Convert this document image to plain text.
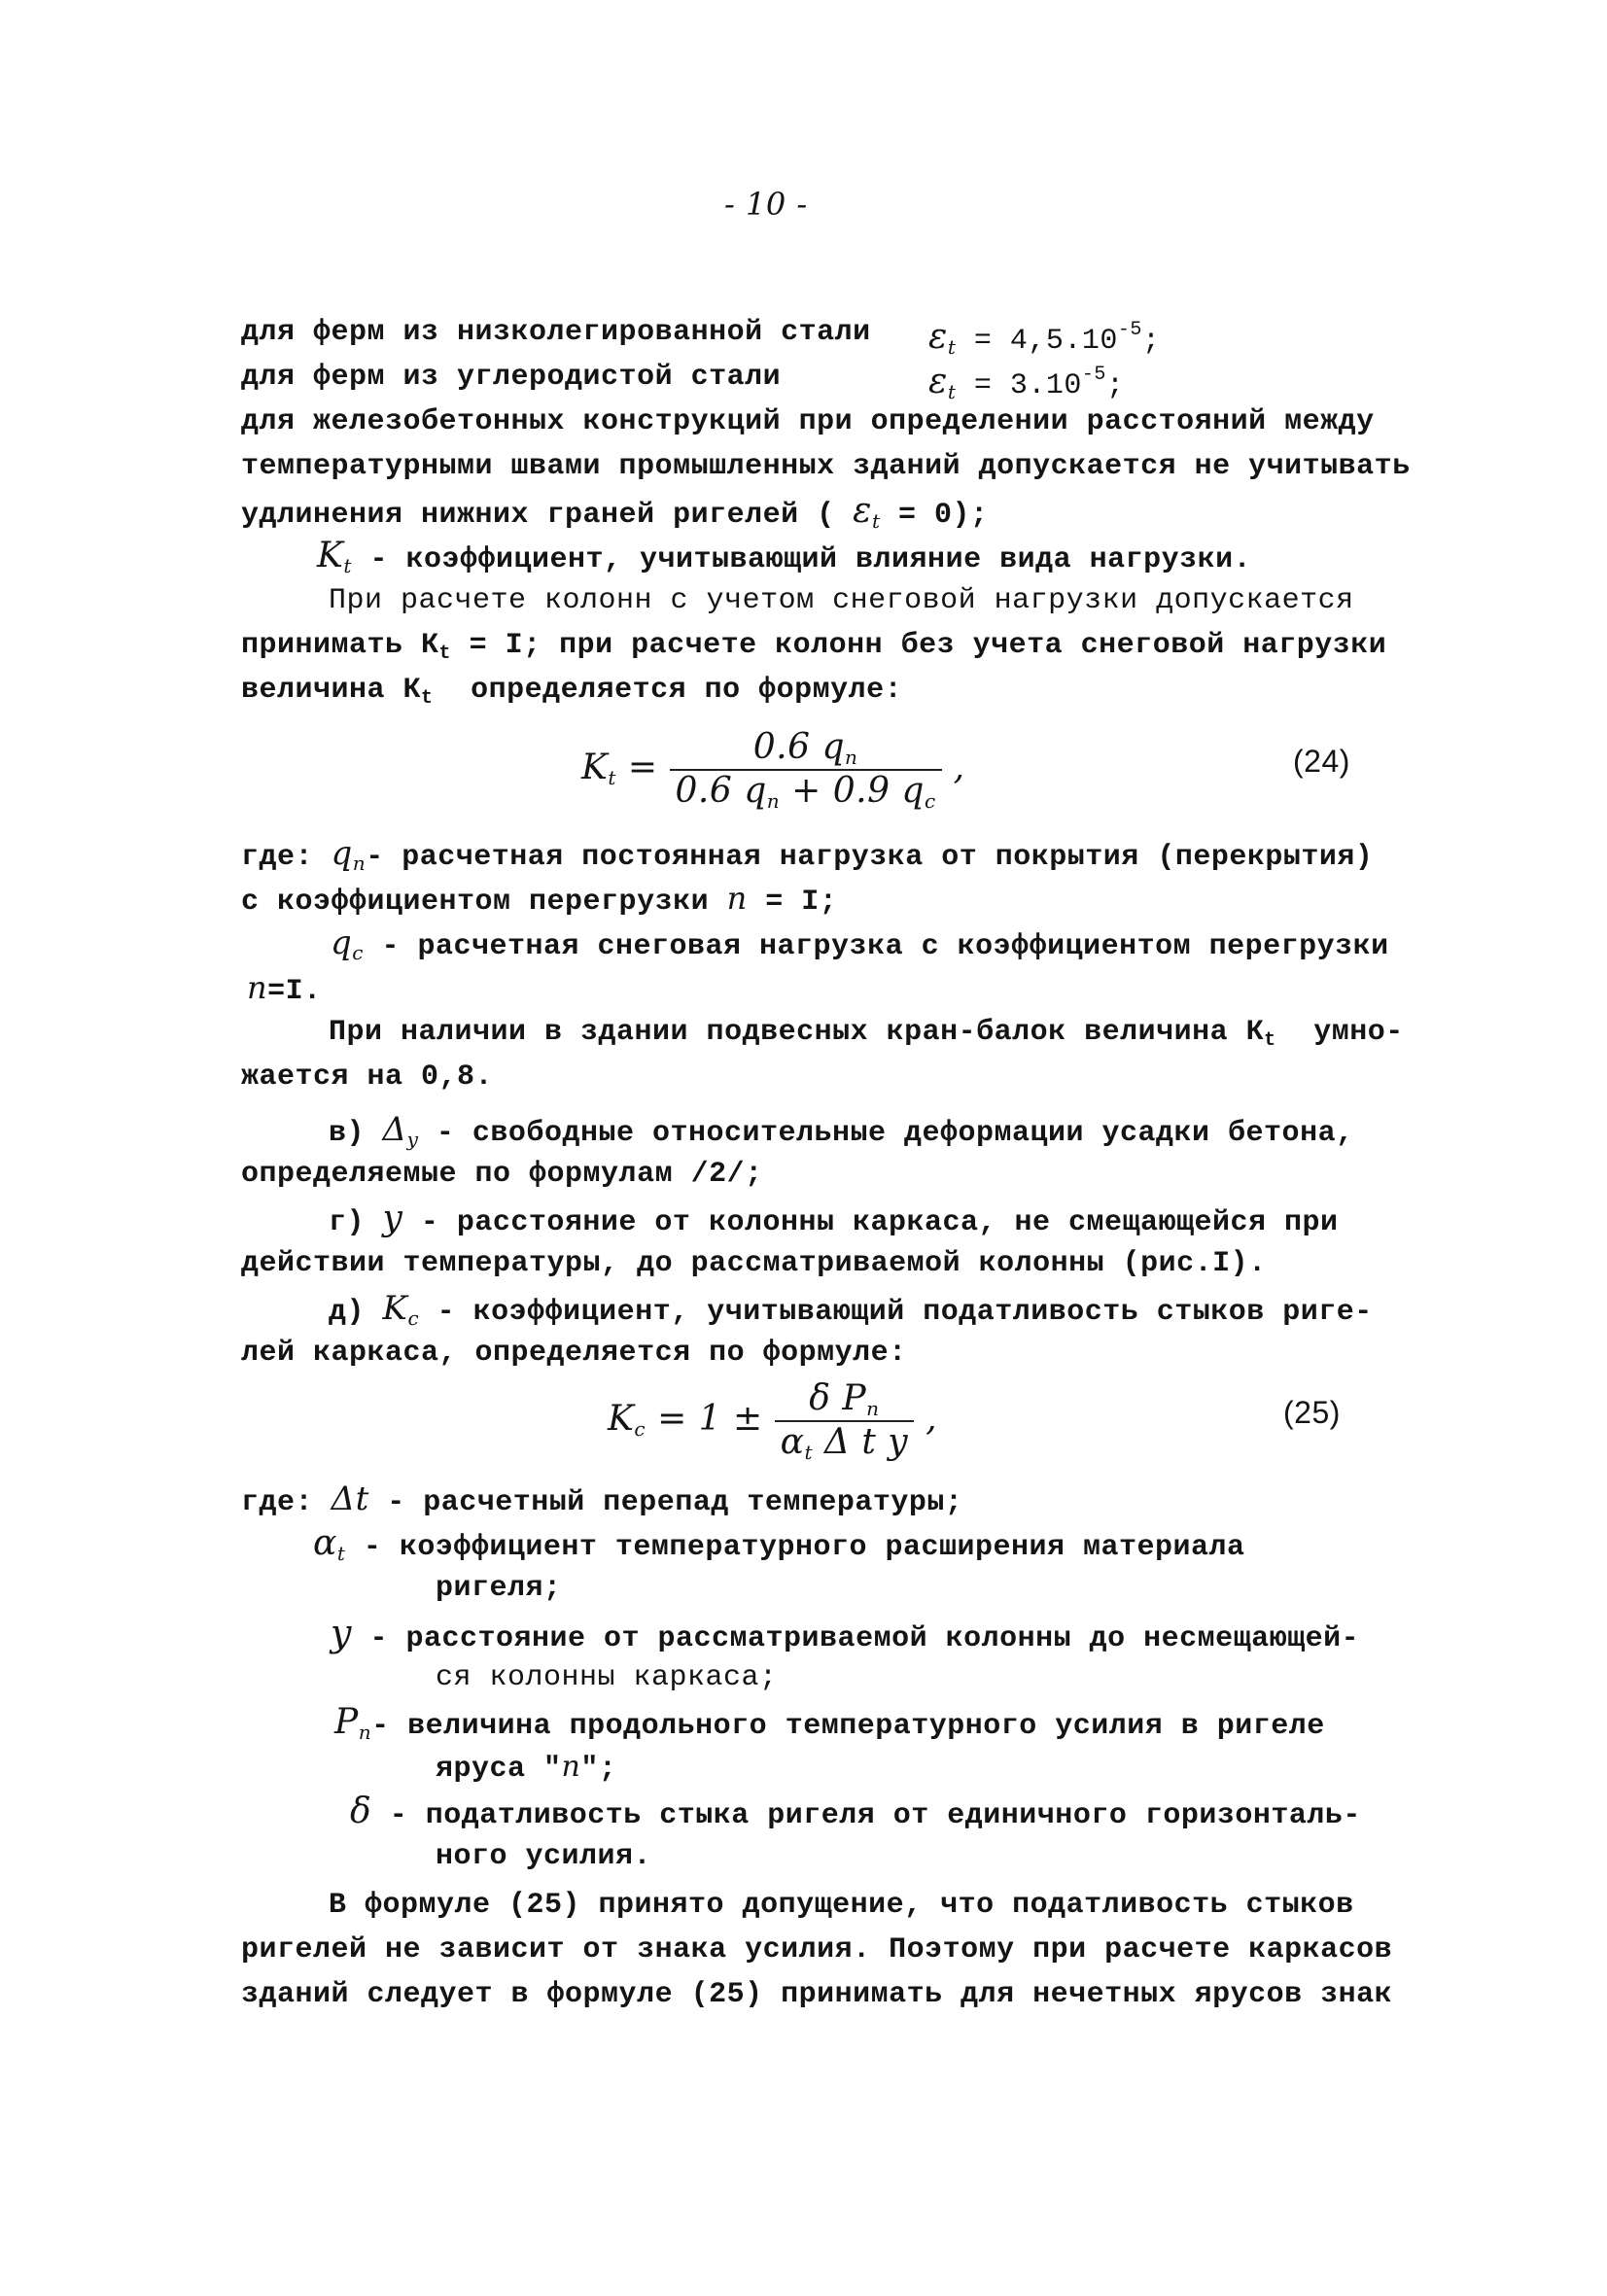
- 10 -
для ферм из низколегированной стали $\varepsilon_t = 4,5.10^{-5}$;
для ферм из углеродистой стали	$\varepsilon_t = 3.10^{-5}$;
для железобетонных конструкций при определении расстояний между
температурными швами промышленных зданий допускается не учитывать
удлинения нижних граней ригелей ( $\varepsilon_t = 0$);
$K_t$ - коэффициент, учитывающий влияние вида нагрузки.
При расчете колонн с учетом снеговой нагрузки допускается
принимать $К_t = I$; при расчете колонн без учета снеговой нагрузки
величина $К_t$ определяется по формуле:
$K_t = \frac{0.6 q_п}{0.6 q_п + 0.9 q_c}$ ,	(24)
где: $q_п-$ расчетная постоянная нагрузка от покрытия (перекрытия)
с коэффициентом перегрузки n = I;
$q_c$ - расчетная снеговая нагрузка с коэффициентом перегрузки
n=I.
При наличии в здании подвесных кран-балок величина $К_t$ умно-
жается на 0,8.
в) $\Delta_y$ - свободные относительные деформации усадки бетона,
определяемые по формулам /2/;
г) y - расстояние от колонны каркаса, не смещающейся при
действии температуры, до рассматриваемой колонны (рис.I).
д) $K_c$ - коэффициент, учитывающий податливость стыков риге-
лей каркаса, определяется по формуле:
$K_c = 1 \pm \frac{\delta P_п}{\alpha_t \Delta t y}$ ,	(25)
где: Δt - расчетный перепад температуры;
$\alpha_t$ - коэффициент температурного расширения материала
ригеля;
y - расстояние от рассматриваемой колонны до несмещающей-
ся колонны каркаса;
$P_n-$ величина продольного температурного усилия в ригеле
яруса "n";
δ - податливость стыка ригеля от единичного горизонталь-
ного усилия.
В формуле (25) принято допущение, что податливость стыков
ригелей не зависит от знака усилия. Поэтому при расчете каркасов
зданий следует в формуле (25) принимать для нечетных ярусов знак
